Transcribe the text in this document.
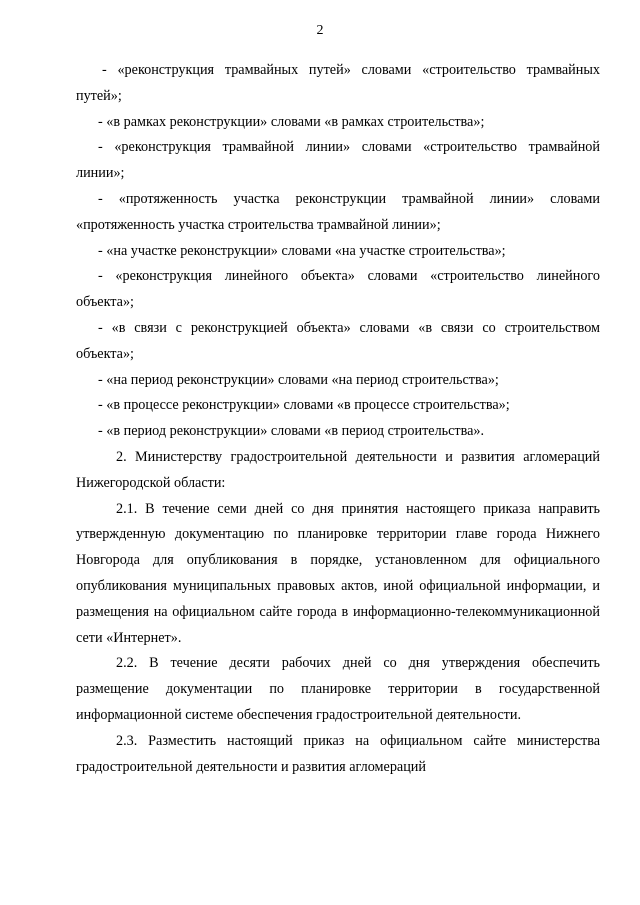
2

- «реконструкция трамвайных путей» словами «строительство трамвайных путей»;

- «в рамках реконструкции» словами «в рамках строительства»;

- «реконструкция трамвайной линии» словами «строительство трамвайной линии»;

- «протяженность участка реконструкции трамвайной линии» словами «протяженность участка строительства трамвайной линии»;

- «на участке реконструкции» словами «на участке строительства»;

- «реконструкция линейного объекта» словами «строительство линейного объекта»;

- «в связи с реконструкцией объекта» словами «в связи со строительством объекта»;

- «на период реконструкции» словами «на период строительства»;

- «в процессе реконструкции» словами «в процессе строительства»;

- «в период реконструкции» словами «в период строительства».

2. Министерству градостроительной деятельности и развития агломераций Нижегородской области:

2.1. В течение семи дней со дня принятия настоящего приказа направить утвержденную документацию по планировке территории главе города Нижнего Новгорода для опубликования в порядке, установленном для официального опубликования муниципальных правовых актов, иной официальной информации, и размещения на официальном сайте города в информационно-телекоммуникационной сети «Интернет».

2.2. В течение десяти рабочих дней со дня утверждения обеспечить размещение документации по планировке территории в государственной информационной системе обеспечения градостроительной деятельности.

2.3. Разместить настоящий приказ на официальном сайте министерства градостроительной деятельности и развития агломераций
